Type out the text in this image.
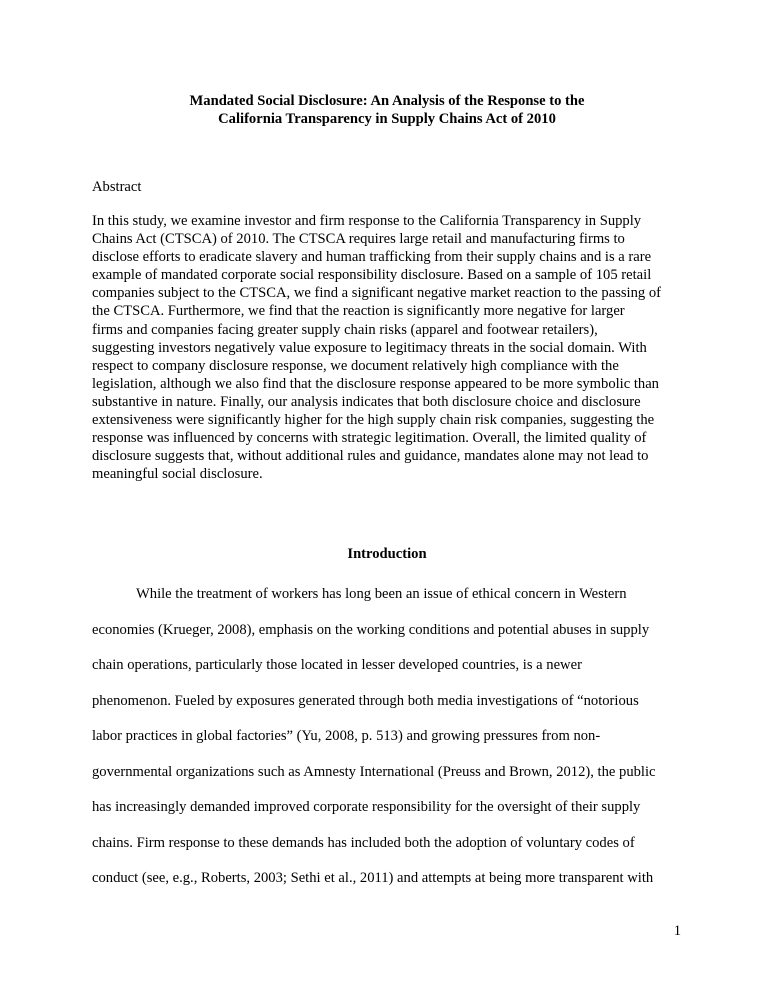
Mandated Social Disclosure: An Analysis of the Response to the
California Transparency in Supply Chains Act of 2010
Abstract
In this study, we examine investor and firm response to the California Transparency in Supply
Chains Act (CTSCA) of 2010. The CTSCA requires large retail and manufacturing firms to
disclose efforts to eradicate slavery and human trafficking from their supply chains and is a rare
example of mandated corporate social responsibility disclosure. Based on a sample of 105 retail
companies subject to the CTSCA, we find a significant negative market reaction to the passing of
the CTSCA. Furthermore, we find that the reaction is significantly more negative for larger
firms and companies facing greater supply chain risks (apparel and footwear retailers),
suggesting investors negatively value exposure to legitimacy threats in the social domain. With
respect to company disclosure response, we document relatively high compliance with the
legislation, although we also find that the disclosure response appeared to be more symbolic than
substantive in nature. Finally, our analysis indicates that both disclosure choice and disclosure
extensiveness were significantly higher for the high supply chain risk companies, suggesting the
response was influenced by concerns with strategic legitimation. Overall, the limited quality of
disclosure suggests that, without additional rules and guidance, mandates alone may not lead to
meaningful social disclosure.
Introduction
While the treatment of workers has long been an issue of ethical concern in Western
economies (Krueger, 2008), emphasis on the working conditions and potential abuses in supply
chain operations, particularly those located in lesser developed countries, is a newer
phenomenon. Fueled by exposures generated through both media investigations of “notorious
labor practices in global factories” (Yu, 2008, p. 513) and growing pressures from non-
governmental organizations such as Amnesty International (Preuss and Brown, 2012), the public
has increasingly demanded improved corporate responsibility for the oversight of their supply
chains. Firm response to these demands has included both the adoption of voluntary codes of
conduct (see, e.g., Roberts, 2003; Sethi et al., 2011) and attempts at being more transparent with
1
